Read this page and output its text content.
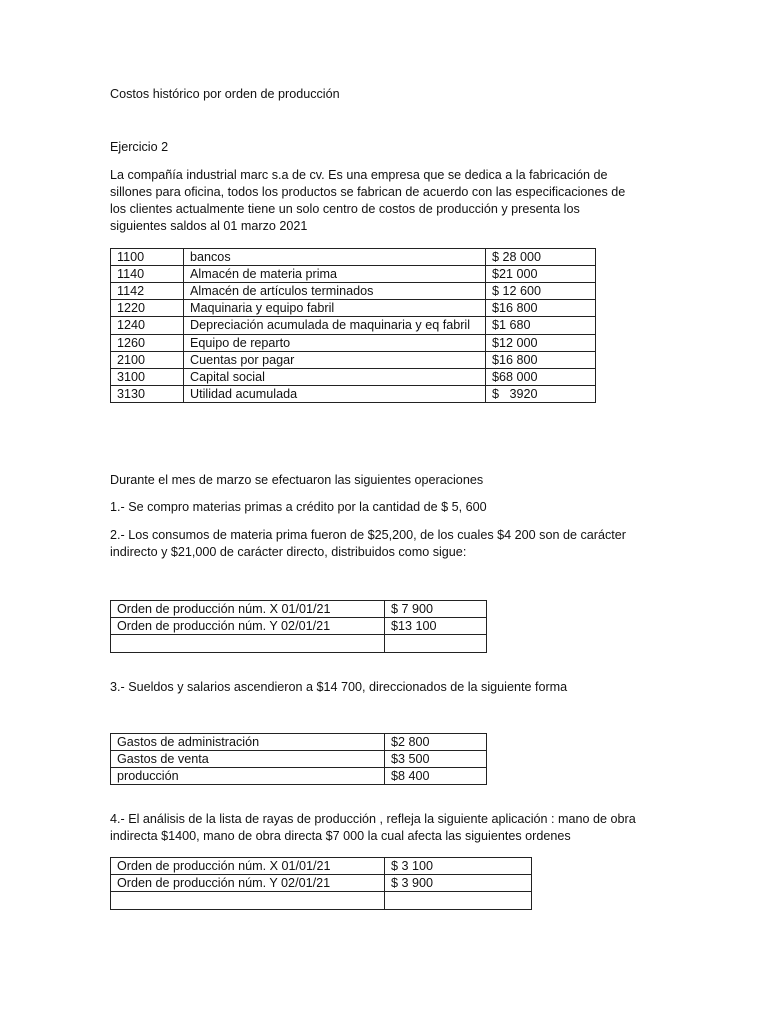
Costos histórico por orden de producción

Ejercicio 2

La compañía industrial marc s.a de cv. Es una empresa que se dedica a la fabricación de
sillones para oficina, todos los productos se fabrican de acuerdo con las especificaciones de
los clientes actualmente tiene un solo centro de costos de producción y presenta los
siguientes saldos al 01 marzo 2021
1100	bancos	$ 28 000
1140	Almacén de materia prima	$21 000
1142	Almacén de artículos terminados	$ 12 600
1220	Maquinaria y equipo fabril	$16 800
1240	Depreciación acumulada de maquinaria y eq fabril	$1 680
1260	Equipo de reparto	$12 000
2100	Cuentas por pagar	$16 800
3100	Capital social	$68 000
3130	Utilidad acumulada	$   3920

Durante el mes de marzo se efectuaron las siguientes operaciones

1.- Se compro materias primas a crédito por la cantidad de $ 5, 600

2.- Los consumos de materia prima fueron de $25,200, de los cuales $4 200 son de carácter
indirecto y $21,000 de carácter directo, distribuidos como sigue:
Orden de producción núm. X 01/01/21	$ 7 900
Orden de producción núm. Y 02/01/21	$13 100

3.- Sueldos y salarios ascendieron a $14 700, direccionados de la siguiente forma

Gastos de administración	$2 800
Gastos de venta	$3 500
producción	$8 400
4.- El análisis de la lista de rayas de producción , refleja la siguiente aplicación : mano de obra
indirecta $1400, mano de obra directa $7 000 la cual afecta las siguientes ordenes
Orden de producción núm. X 01/01/21	$ 3 100
Orden de producción núm. Y 02/01/21	$ 3 900
